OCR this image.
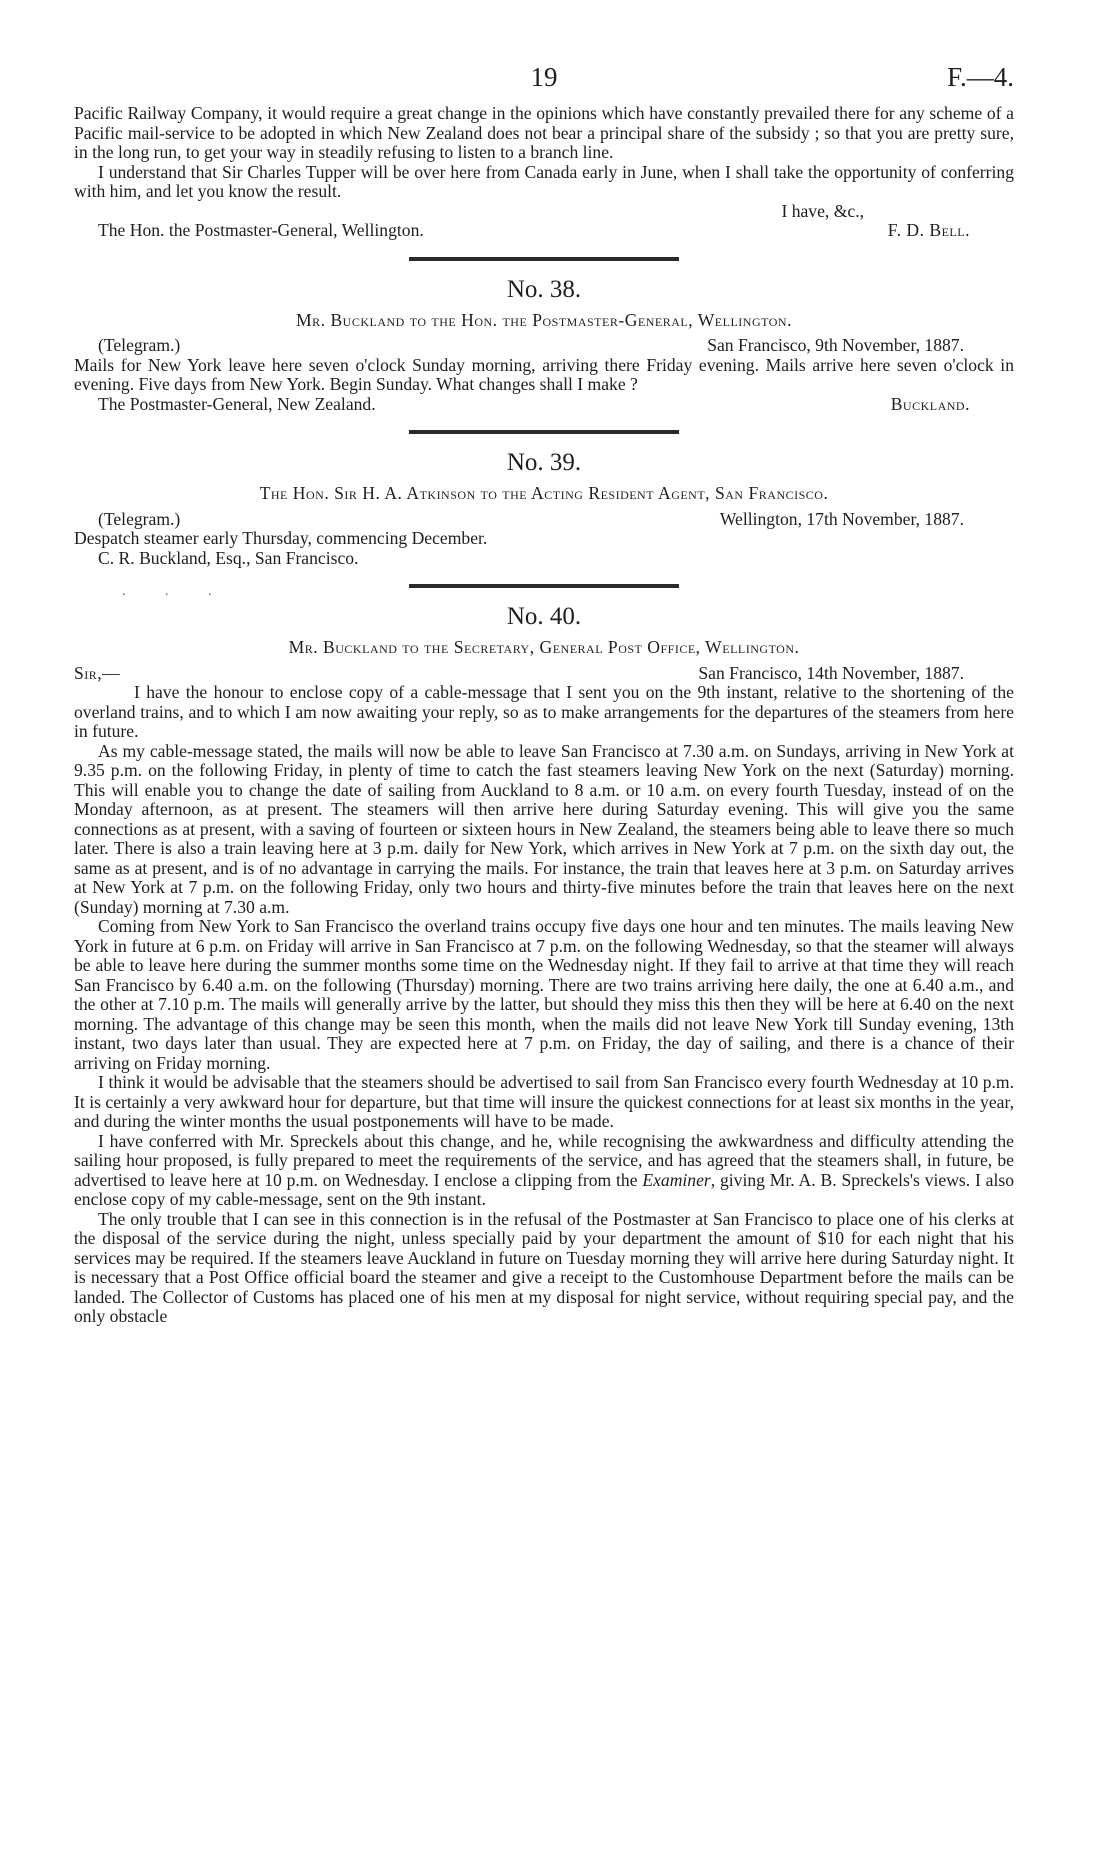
19	F.—4.

Pacific Railway Company, it would require a great change in the opinions which have constantly prevailed there for any scheme of a Pacific mail-service to be adopted in which New Zealand does not bear a principal share of the subsidy ; so that you are pretty sure, in the long run, to get your way in steadily refusing to listen to a branch line.

I understand that Sir Charles Tupper will be over here from Canada early in June, when I shall take the opportunity of conferring with him, and let you know the result.

I have, &c.,

The Hon. the Postmaster-General, Wellington.	F. D. Bell.
No. 38.
Mr. Buckland to the Hon. the Postmaster-General, Wellington.
(Telegram.)	San Francisco, 9th November, 1887.

Mails for New York leave here seven o'clock Sunday morning, arriving there Friday evening. Mails arrive here seven o'clock in evening. Five days from New York. Begin Sunday. What changes shall I make ?

The Postmaster-General, New Zealand.	Buckland.
No. 39.
The Hon. Sir H. A. Atkinson to the Acting Resident Agent, San Francisco.
(Telegram.)	Wellington, 17th November, 1887.

Despatch steamer early Thursday, commencing December.

C. R. Buckland, Esq., San Francisco.

. . .
No. 40.
Mr. Buckland to the Secretary, General Post Office, Wellington.
Sir,—	San Francisco, 14th November, 1887.

I have the honour to enclose copy of a cable-message that I sent you on the 9th instant, relative to the shortening of the overland trains, and to which I am now awaiting your reply, so as to make arrangements for the departures of the steamers from here in future.

As my cable-message stated, the mails will now be able to leave San Francisco at 7.30 a.m. on Sundays, arriving in New York at 9.35 p.m. on the following Friday, in plenty of time to catch the fast steamers leaving New York on the next (Saturday) morning. This will enable you to change the date of sailing from Auckland to 8 a.m. or 10 a.m. on every fourth Tuesday, instead of on the Monday afternoon, as at present. The steamers will then arrive here during Saturday evening. This will give you the same connections as at present, with a saving of fourteen or sixteen hours in New Zealand, the steamers being able to leave there so much later. There is also a train leaving here at 3 p.m. daily for New York, which arrives in New York at 7 p.m. on the sixth day out, the same as at present, and is of no advantage in carrying the mails. For instance, the train that leaves here at 3 p.m. on Saturday arrives at New York at 7 p.m. on the following Friday, only two hours and thirty-five minutes before the train that leaves here on the next (Sunday) morning at 7.30 a.m.

Coming from New York to San Francisco the overland trains occupy five days one hour and ten minutes. The mails leaving New York in future at 6 p.m. on Friday will arrive in San Francisco at 7 p.m. on the following Wednesday, so that the steamer will always be able to leave here during the summer months some time on the Wednesday night. If they fail to arrive at that time they will reach San Francisco by 6.40 a.m. on the following (Thursday) morning. There are two trains arriving here daily, the one at 6.40 a.m., and the other at 7.10 p.m. The mails will generally arrive by the latter, but should they miss this then they will be here at 6.40 on the next morning. The advantage of this change may be seen this month, when the mails did not leave New York till Sunday evening, 13th instant, two days later than usual. They are expected here at 7 p.m. on Friday, the day of sailing, and there is a chance of their arriving on Friday morning.

I think it would be advisable that the steamers should be advertised to sail from San Francisco every fourth Wednesday at 10 p.m. It is certainly a very awkward hour for departure, but that time will insure the quickest connections for at least six months in the year, and during the winter months the usual postponements will have to be made.

I have conferred with Mr. Spreckels about this change, and he, while recognising the awkwardness and difficulty attending the sailing hour proposed, is fully prepared to meet the requirements of the service, and has agreed that the steamers shall, in future, be advertised to leave here at 10 p.m. on Wednesday. I enclose a clipping from the Examiner, giving Mr. A. B. Spreckels's views. I also enclose copy of my cable-message, sent on the 9th instant.

The only trouble that I can see in this connection is in the refusal of the Postmaster at San Francisco to place one of his clerks at the disposal of the service during the night, unless specially paid by your department the amount of $10 for each night that his services may be required. If the steamers leave Auckland in future on Tuesday morning they will arrive here during Saturday night. It is necessary that a Post Office official board the steamer and give a receipt to the Customhouse Department before the mails can be landed. The Collector of Customs has placed one of his men at my disposal for night service, without requiring special pay, and the only obstacle
